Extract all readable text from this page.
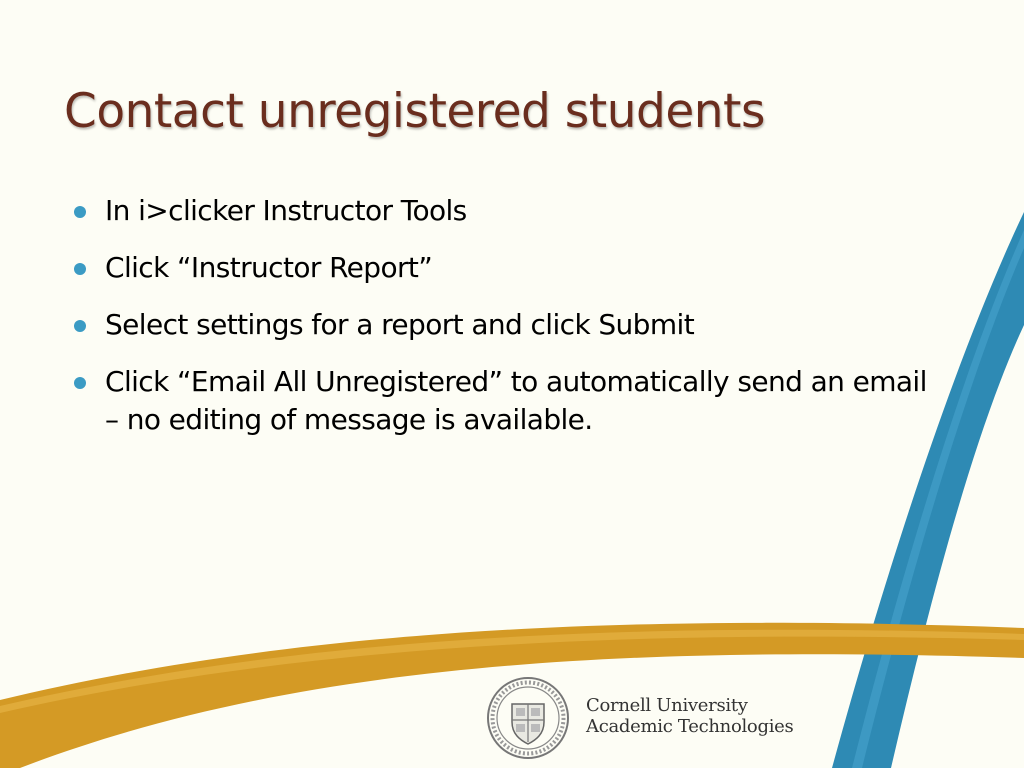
Contact unregistered students
In i>clicker Instructor Tools
Click “Instructor Report”
Select settings for a report and click Submit
Click “Email All Unregistered” to automatically send an email – no editing of message is available.
Cornell University
Academic Technologies
